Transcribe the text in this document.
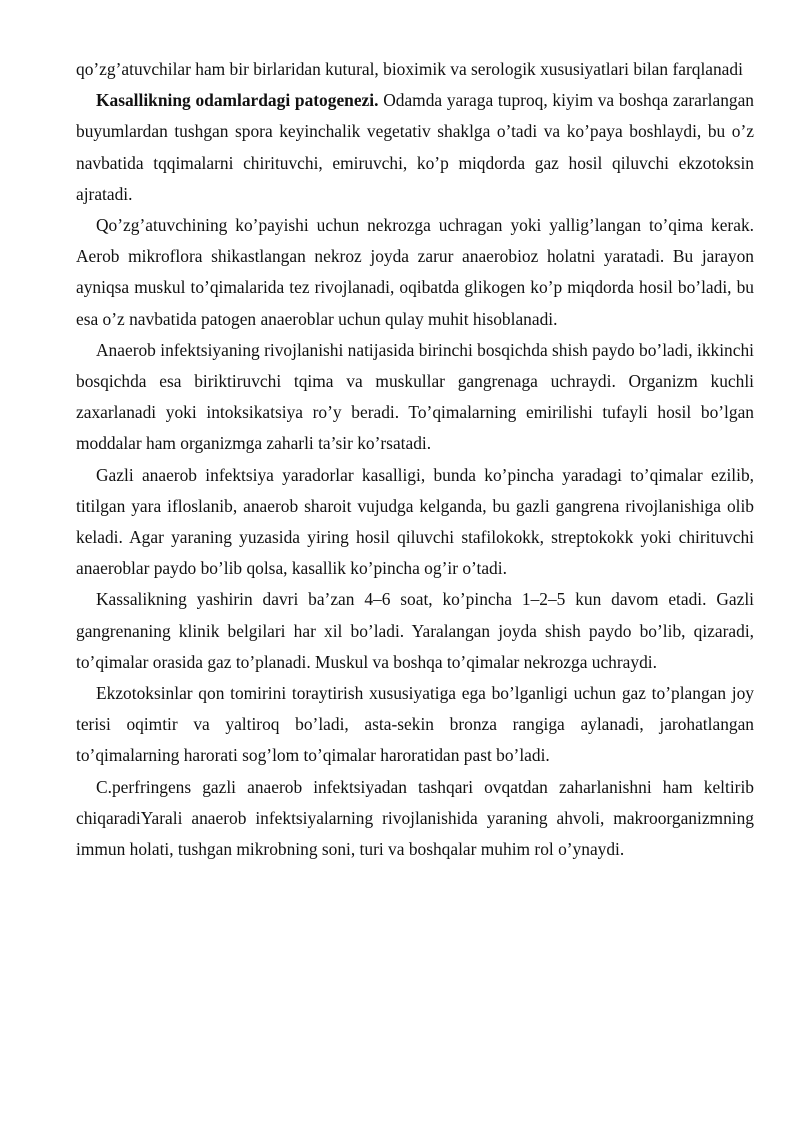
qo’zg’atuvchilar ham bir birlaridan kutural, bioximik va serologik xususiyatlari bilan farqlanadi

Kasallikning odamlardagi patogenezi. Odamda yaraga tuproq, kiyim va boshqa zararlangan buyumlardan tushgan spora keyinchalik vegetativ shaklga o’tadi va ko’paya boshlaydi, bu o’z navbatida tqqimalarni chirituvchi, emiruvchi, ko’p miqdorda gaz hosil qiluvchi ekzotoksin ajratadi.

Qo’zg’atuvchining ko’payishi uchun nekrozga uchragan yoki yallig’langan to’qima kerak. Aerob mikroflora shikastlangan nekroz joyda zarur anaerobioz holatni yaratadi. Bu jarayon ayniqsa muskul to’qimalarida tez rivojlanadi, oqibatda glikogen ko’p miqdorda hosil bo’ladi, bu esa o’z navbatida patogen anaeroblar uchun qulay muhit hisoblanadi.

Anaerob infektsiyaning rivojlanishi natijasida birinchi bosqichda shish paydo bo’ladi, ikkinchi bosqichda esa biriktiruvchi tqima va muskullar gangrenaga uchraydi. Organizm kuchli zaxarlanadi yoki intoksikatsiya ro’y beradi. To’qimalarning emirilishi tufayli hosil bo’lgan moddalar ham organizmga zaharli ta’sir ko’rsatadi.

Gazli anaerob infektsiya yaradorlar kasalligi, bunda ko’pincha yaradagi to’qimalar ezilib, titilgan yara ifloslanib, anaerob sharoit vujudga kelganda, bu gazli gangrena rivojlanishiga olib keladi. Agar yaraning yuzasida yiring hosil qiluvchi stafilokokk, streptokokk yoki chirituvchi anaeroblar paydo bo’lib qolsa, kasallik ko’pincha og’ir o’tadi.

Kassalikning yashirin davri ba’zan 4–6 soat, ko’pincha 1–2–5 kun davom etadi. Gazli gangrenaning klinik belgilari har xil bo’ladi. Yaralangan joyda shish paydo bo’lib, qizaradi, to’qimalar orasida gaz to’planadi. Muskul va boshqa to’qimalar nekrozga uchraydi.

Ekzotoksinlar qon tomirini toraytirish xususiyatiga ega bo’lganligi uchun gaz to’plangan joy terisi oqimtir va yaltiroq bo’ladi, asta-sekin bronza rangiga aylanadi, jarohatlangan to’qimalarning harorati sog’lom to’qimalar haroratidan past bo’ladi.

C.perfringens gazli anaerob infektsiyadan tashqari ovqatdan zaharlanishni ham keltirib chiqaradiYarali anaerob infektsiyalarning rivojlanishida yaraning ahvoli, makroorganizmning immun holati, tushgan mikrobning soni, turi va boshqalar muhim rol o’ynaydi.
